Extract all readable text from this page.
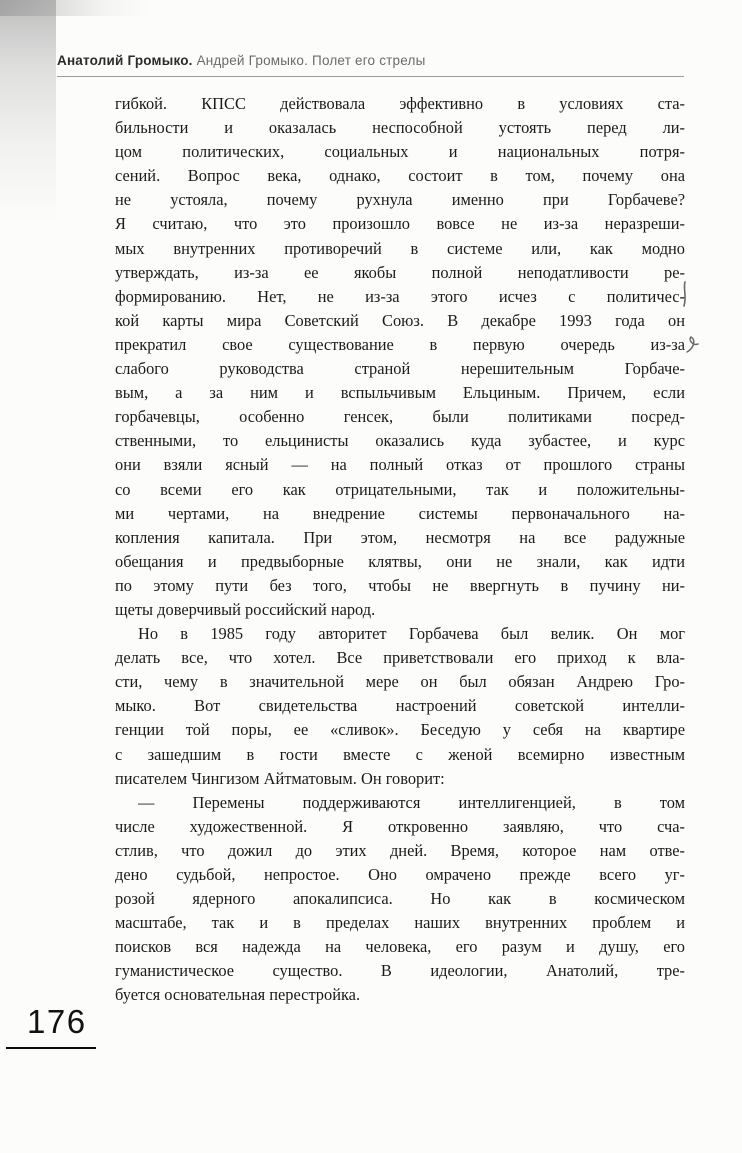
Анатолий Громыко. Андрей Громыко. Полет его стрелы
гибкой. КПСС действовала эффективно в условиях ста-
бильности и оказалась неспособной устоять перед ли-
цом политических, социальных и национальных потря-
сений. Вопрос века, однако, состоит в том, почему она
не устояла, почему рухнула именно при Горбачеве?
Я считаю, что это произошло вовсе не из-за неразреши-
мых внутренних противоречий в системе или, как модно
утверждать, из-за ее якобы полной неподатливости ре-
формированию. Нет, не из-за этого исчез с политичес-
кой карты мира Советский Союз. В декабре 1993 года он
прекратил свое существование в первую очередь из-за
слабого руководства страной нерешительным Горбаче-
вым, а за ним и вспыльчивым Ельциным. Причем, если
горбачевцы, особенно генсек, были политиками посред-
ственными, то ельцинисты оказались куда зубастее, и курс
они взяли ясный — на полный отказ от прошлого страны
со всеми его как отрицательными, так и положительны-
ми чертами, на внедрение системы первоначального на-
копления капитала. При этом, несмотря на все радужные
обещания и предвыборные клятвы, они не знали, как идти
по этому пути без того, чтобы не ввергнуть в пучину ни-
щеты доверчивый российский народ.
Но в 1985 году авторитет Горбачева был велик. Он мог
делать все, что хотел. Все приветствовали его приход к вла-
сти, чему в значительной мере он был обязан Андрею Гро-
мыко. Вот свидетельства настроений советской интелли-
генции той поры, ее «сливок». Беседую у себя на квартире
с зашедшим в гости вместе с женой всемирно известным
писателем Чингизом Айтматовым. Он говорит:
— Перемены поддерживаются интеллигенцией, в том
числе художественной. Я откровенно заявляю, что сча-
стлив, что дожил до этих дней. Время, которое нам отве-
дено судьбой, непростое. Оно омрачено прежде всего уг-
розой ядерного апокалипсиса. Но как в космическом
масштабе, так и в пределах наших внутренних проблем и
поисков вся надежда на человека, его разум и душу, его
гуманистическое существо. В идеологии, Анатолий, тре-
буется основательная перестройка.
176
